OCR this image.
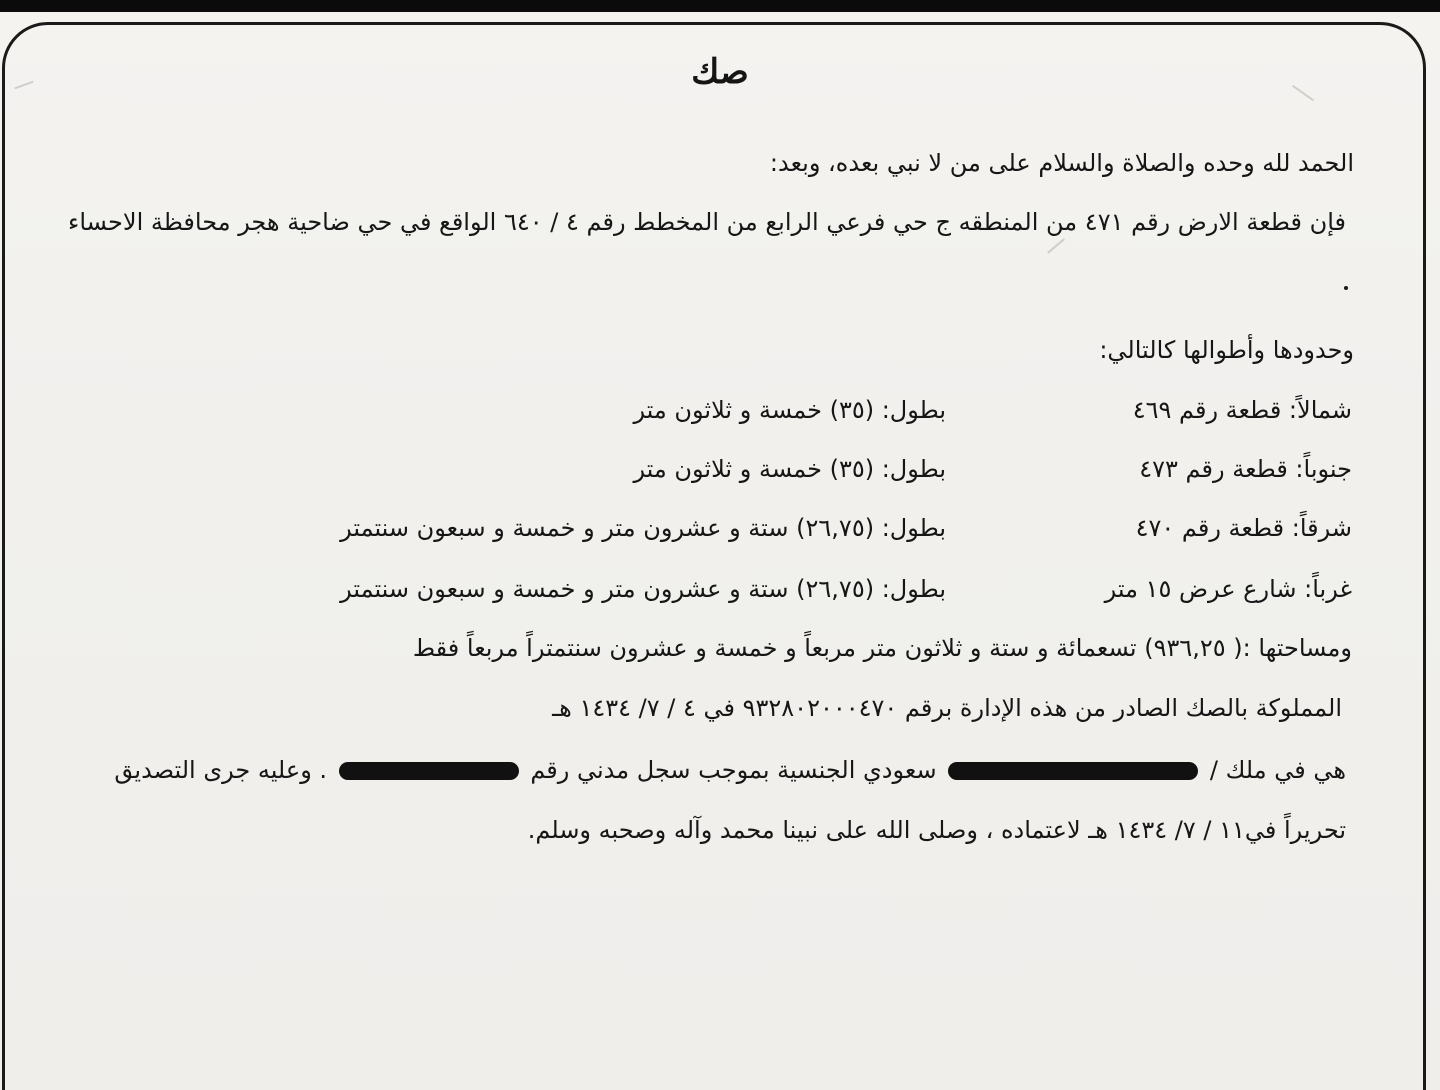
صك
الحمد لله وحده والصلاة والسلام على من لا نبي بعده، وبعد:
فإن قطعة الارض رقم ٤٧١ من المنطقه ج حي فرعي الرابع من المخطط رقم ٤ / ٦٤٠ الواقع في حي ضاحية هجر محافظة الاحساء
وحدودها وأطوالها كالتالي:
شمالاً: قطعة رقم ٤٦٩
بطول: (٣٥) خمسة و ثلاثون متر
جنوباً: قطعة رقم ٤٧٣
بطول: (٣٥) خمسة و ثلاثون متر
شرقاً: قطعة رقم ٤٧٠
بطول: (٢٦,٧٥) ستة و عشرون متر و خمسة و سبعون سنتمتر
غرباً: شارع عرض ١٥ متر
بطول: (٢٦,٧٥) ستة و عشرون متر و خمسة و سبعون سنتمتر
ومساحتها :( ٩٣٦,٢٥) تسعمائة و ستة و ثلاثون متر مربعاً و خمسة و عشرون سنتمتراً مربعاً فقط
المملوكة بالصك الصادر من هذه الإدارة برقم ٩٣٢٨٠٢٠٠٠٤٧٠ في ٤ / ٧/ ١٤٣٤ هـ
هي في ملك /  سعودي الجنسية بموجب سجل مدني رقم  . وعليه جرى التصديق
تحريراً في١١ / ٧/ ١٤٣٤ هـ لاعتماده ، وصلى الله على نبينا محمد وآله وصحبه وسلم.
